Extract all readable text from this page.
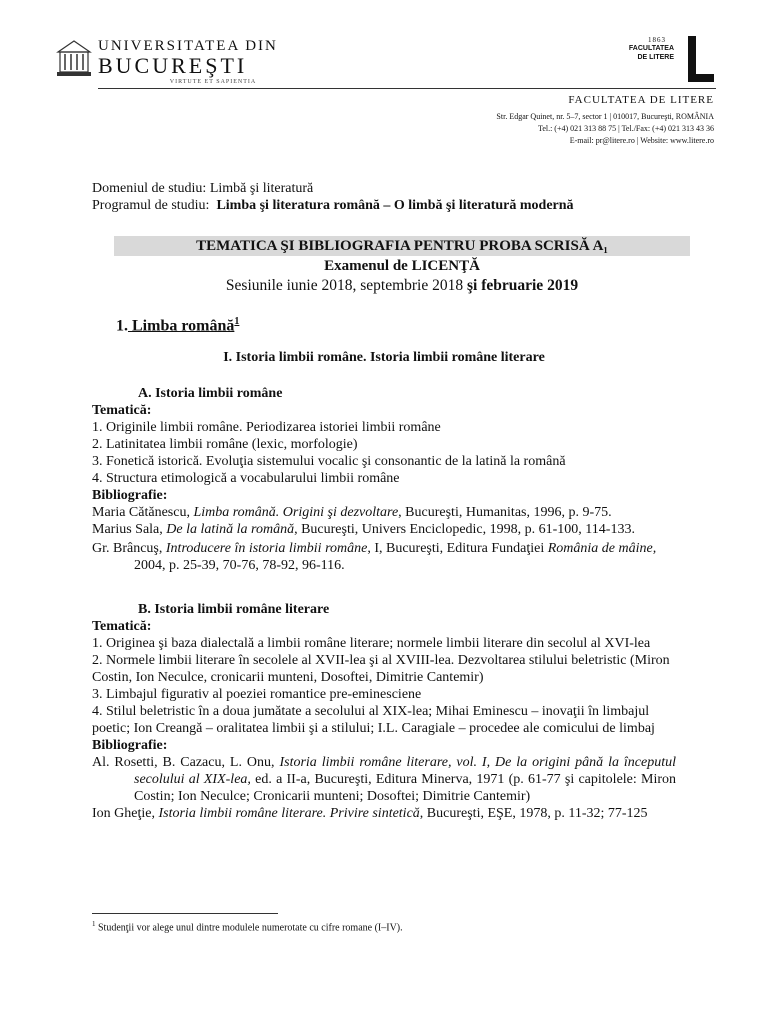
UNIVERSITATEA DIN
BUCUREŞTI
VIRTUTE ET SAPIENTIA
1863
FACULTATEA
DE LITERE
FACULTATEA DE LITERE
Str. Edgar Quinet, nr. 5–7, sector 1 | 010017, Bucureşti, ROMÂNIA
Tel.: (+4) 021 313 88 75 | Tel./Fax: (+4) 021 313 43 36
E-mail: pr@litere.ro | Website: www.litere.ro
Domeniul de studiu: Limbă şi literatură
Programul de studiu: Limba şi literatura română – O limbă şi literatură modernă
TEMATICA ŞI BIBLIOGRAFIA PENTRU PROBA SCRISĂ A₁
Examenul de LICENŢĂ
Sesiunile iunie 2018, septembrie 2018 şi februarie 2019
1. Limba română$^1$
I. Istoria limbii române. Istoria limbii române literare
A. Istoria limbii române
Tematică:
1. Originile limbii române. Periodizarea istoriei limbii române
2. Latinitatea limbii române (lexic, morfologie)
3. Fonetică istorică. Evoluţia sistemului vocalic şi consonantic de la latină la română
4. Structura etimologică a vocabularului limbii române
Bibliografie:
Maria Cătănescu, Limba română. Origini şi dezvoltare, Bucureşti, Humanitas, 1996, p. 9-75.
Marius Sala, De la latină la română, Bucureşti, Univers Enciclopedic, 1998, p. 61-100, 114-133.
Gr. Brâncuş, Introducere în istoria limbii române, I, Bucureşti, Editura Fundaţiei România de mâine, 2004, p. 25-39, 70-76, 78-92, 96-116.
B. Istoria limbii române literare
Tematică:
1. Originea şi baza dialectală a limbii române literare; normele limbii literare din secolul al XVI-lea
2. Normele limbii literare în secolele al XVII-lea şi al XVIII-lea. Dezvoltarea stilului beletristic (Miron Costin, Ion Neculce, cronicarii munteni, Dosoftei, Dimitrie Cantemir)
3. Limbajul figurativ al poeziei romantice pre-eminesciene
4. Stilul beletristic în a doua jumătate a secolului al XIX-lea; Mihai Eminescu – inovaţii în limbajul poetic; Ion Creangă – oralitatea limbii şi a stilului; I.L. Caragiale – procedee ale comicului de limbaj
Bibliografie:
Al. Rosetti, B. Cazacu, L. Onu, Istoria limbii române literare, vol. I, De la origini până la începutul secolului al XIX-lea, ed. a II-a, Bucureşti, Editura Minerva, 1971 (p. 61-77 şi capitolele: Miron Costin; Ion Neculce; Cronicarii munteni; Dosoftei; Dimitrie Cantemir)
Ion Gheţie, Istoria limbii române literare. Privire sintetică, Bucureşti, EŞE, 1978, p. 11-32; 77-125
$^1$ Studenţii vor alege unul dintre modulele numerotate cu cifre romane (I–IV).
